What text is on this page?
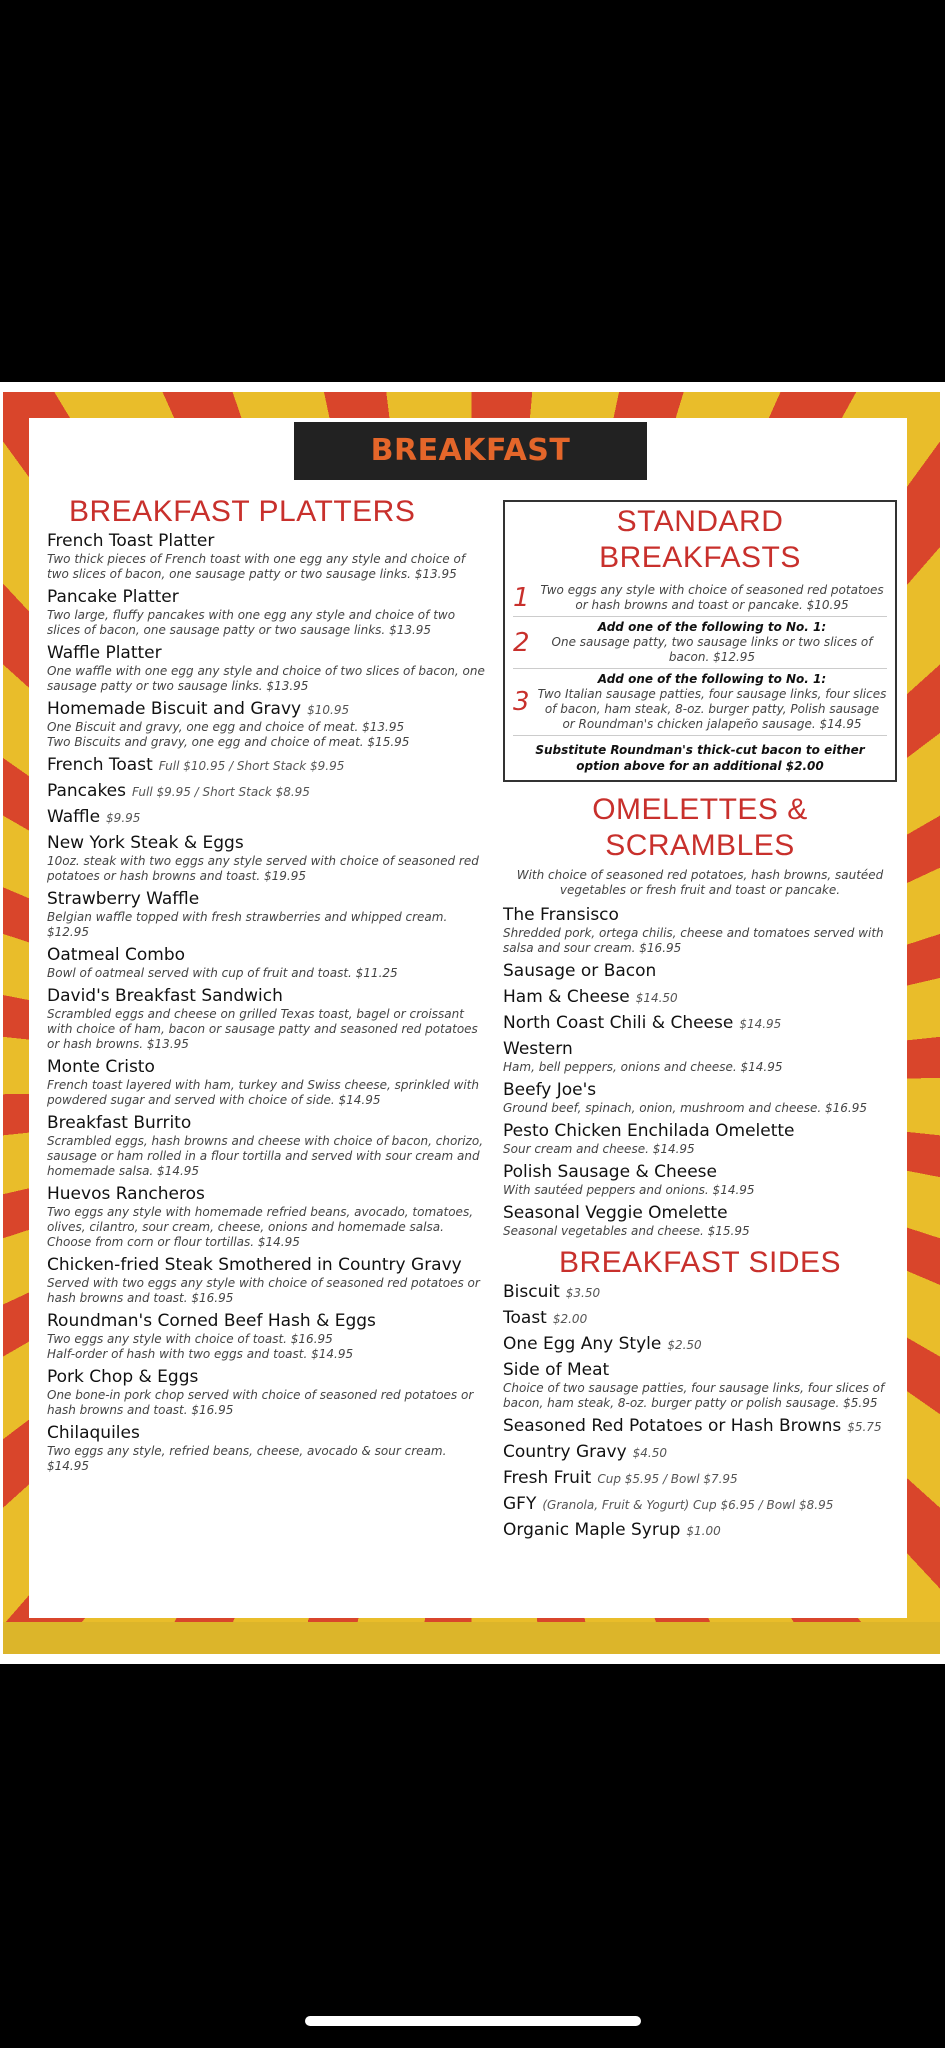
BREAKFAST
BREAKFAST PLATTERS
French Toast Platter
Two thick pieces of French toast with one egg any style and choice of two slices of bacon, one sausage patty or two sausage links. $13.95
Pancake Platter
Two large, fluffy pancakes with one egg any style and choice of two slices of bacon, one sausage patty or two sausage links. $13.95
Waffle Platter
One waffle with one egg any style and choice of two slices of bacon, one sausage patty or two sausage links. $13.95
Homemade Biscuit and Gravy $10.95
One Biscuit and gravy, one egg and choice of meat. $13.95
Two Biscuits and gravy, one egg and choice of meat. $15.95
French Toast Full $10.95 / Short Stack $9.95
Pancakes Full $9.95 / Short Stack $8.95
Waffle $9.95
New York Steak & Eggs
10oz. steak with two eggs any style served with choice of seasoned red potatoes or hash browns and toast. $19.95
Strawberry Waffle
Belgian waffle topped with fresh strawberries and whipped cream. $12.95
Oatmeal Combo
Bowl of oatmeal served with cup of fruit and toast. $11.25
David's Breakfast Sandwich
Scrambled eggs and cheese on grilled Texas toast, bagel or croissant with choice of ham, bacon or sausage patty and seasoned red potatoes or hash browns. $13.95
Monte Cristo
French toast layered with ham, turkey and Swiss cheese, sprinkled with powdered sugar and served with choice of side. $14.95
Breakfast Burrito
Scrambled eggs, hash browns and cheese with choice of bacon, chorizo, sausage or ham rolled in a flour tortilla and served with sour cream and homemade salsa. $14.95
Huevos Rancheros
Two eggs any style with homemade refried beans, avocado, tomatoes, olives, cilantro, sour cream, cheese, onions and homemade salsa. Choose from corn or flour tortillas. $14.95
Chicken-fried Steak Smothered in Country Gravy
Served with two eggs any style with choice of seasoned red potatoes or hash browns and toast. $16.95
Roundman's Corned Beef Hash & Eggs
Two eggs any style with choice of toast. $16.95
Half-order of hash with two eggs and toast. $14.95
Pork Chop & Eggs
One bone-in pork chop served with choice of seasoned red potatoes or hash browns and toast. $16.95
Chilaquiles
Two eggs any style, refried beans, cheese, avocado & sour cream. $14.95
STANDARD BREAKFASTS
1 Two eggs any style with choice of seasoned red potatoes or hash browns and toast or pancake. $10.95
2
Add one of the following to No. 1:
One sausage patty, two sausage links or two slices of bacon. $12.95
3
Add one of the following to No. 1:
Two Italian sausage patties, four sausage links, four slices of bacon, ham steak, 8-oz. burger patty, Polish sausage or Roundman's chicken jalapeño sausage. $14.95
Substitute Roundman's thick-cut bacon to either option above for an additional $2.00
OMELETTES & SCRAMBLES
With choice of seasoned red potatoes, hash browns, sautéed vegetables or fresh fruit and toast or pancake.
The Fransisco
Shredded pork, ortega chilis, cheese and tomatoes served with salsa and sour cream. $16.95
Sausage or Bacon
Ham & Cheese $14.50
North Coast Chili & Cheese $14.95
Western
Ham, bell peppers, onions and cheese. $14.95
Beefy Joe's
Ground beef, spinach, onion, mushroom and cheese. $16.95
Pesto Chicken Enchilada Omelette
Sour cream and cheese. $14.95
Polish Sausage & Cheese
With sautéed peppers and onions. $14.95
Seasonal Veggie Omelette
Seasonal vegetables and cheese. $15.95
BREAKFAST SIDES
Biscuit $3.50
Toast $2.00
One Egg Any Style $2.50
Side of Meat
Choice of two sausage patties, four sausage links, four slices of bacon, ham steak, 8-oz. burger patty or polish sausage. $5.95
Seasoned Red Potatoes or Hash Browns $5.75
Country Gravy $4.50
Fresh Fruit Cup $5.95 / Bowl $7.95
GFY (Granola, Fruit & Yogurt) Cup $6.95 / Bowl $8.95
Organic Maple Syrup $1.00
